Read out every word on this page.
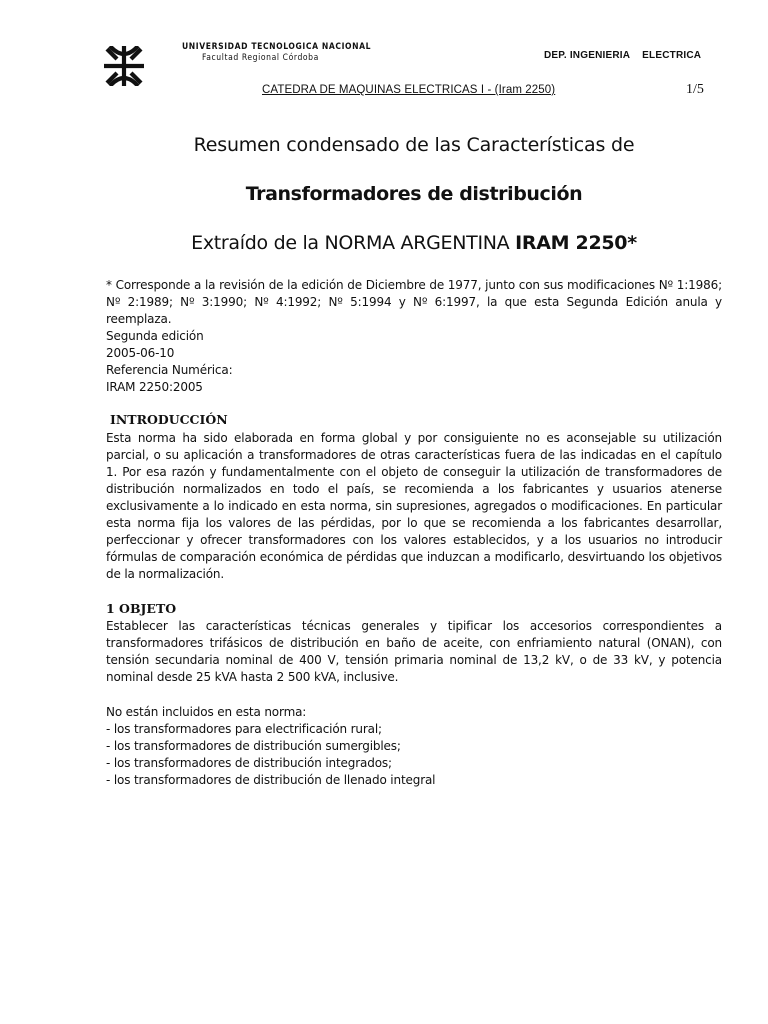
UNIVERSIDAD TECNOLOGICA NACIONAL
Facultad Regional Córdoba	DEP. INGENIERIA ELECTRICA
CATEDRA DE MAQUINAS ELECTRICAS I - (Iram 2250)	1/5
Resumen condensado de las Características de
Transformadores de distribución
Extraído de la NORMA ARGENTINA IRAM 2250*
* Corresponde a la revisión de la edición de Diciembre de 1977, junto con sus modificaciones Nº 1:1986; Nº 2:1989; Nº 3:1990; Nº 4:1992; Nº 5:1994 y Nº 6:1997, la que esta Segunda Edición anula y reemplaza.
Segunda edición
2005-06-10
Referencia Numérica:
IRAM 2250:2005
INTRODUCCIÓN
Esta norma ha sido elaborada en forma global y por consiguiente no es aconsejable su utilización parcial, o su aplicación a transformadores de otras características fuera de las indicadas en el capítulo 1. Por esa razón y fundamentalmente con el objeto de conseguir la utilización de transformadores de distribución normalizados en todo el país, se recomienda a los fabricantes y usuarios atenerse exclusivamente a lo indicado en esta norma, sin supresiones, agregados o modificaciones. En particular esta norma fija los valores de las pérdidas, por lo que se recomienda a los fabricantes desarrollar, perfeccionar y ofrecer transformadores con los valores establecidos, y a los usuarios no introducir fórmulas de comparación económica de pérdidas que induzcan a modificarlo, desvirtuando los objetivos de la normalización.
1 OBJETO
Establecer las características técnicas generales y tipificar los accesorios correspondientes a transformadores trifásicos de distribución en baño de aceite, con enfriamiento natural (ONAN), con tensión secundaria nominal de 400 V, tensión primaria nominal de 13,2 kV, o de 33 kV, y potencia nominal desde 25 kVA hasta 2 500 kVA, inclusive.
No están incluidos en esta norma:
- los transformadores para electrificación rural;
- los transformadores de distribución sumergibles;
- los transformadores de distribución integrados;
- los transformadores de distribución de llenado integral
